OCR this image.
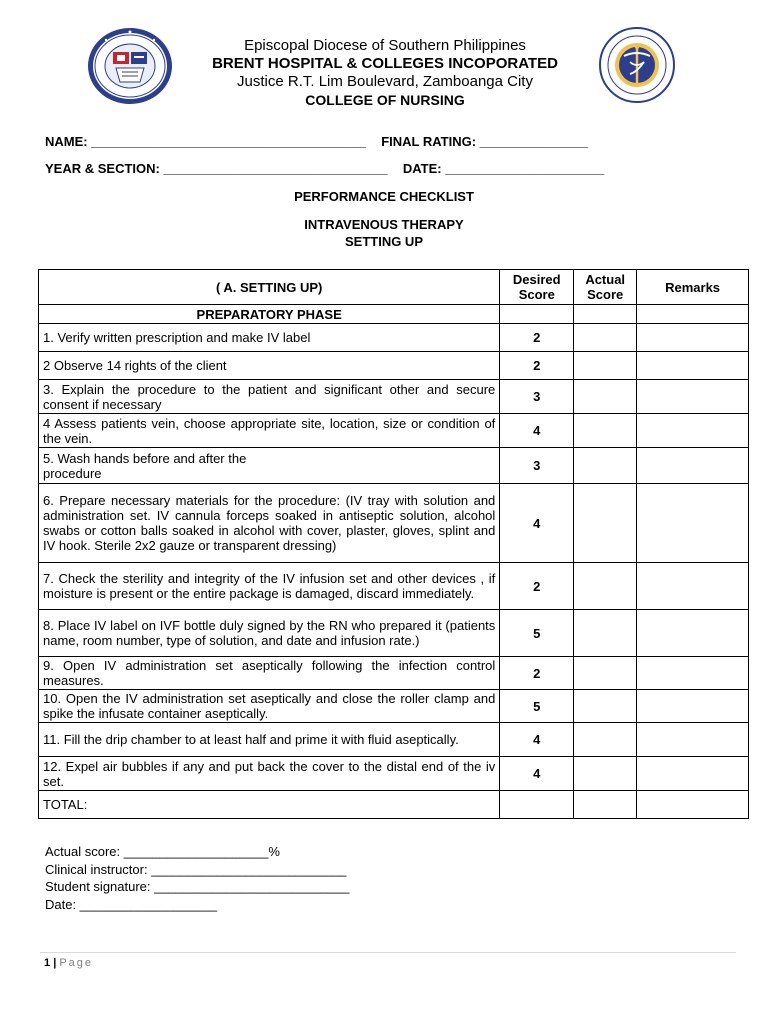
Episcopal Diocese of Southern Philippines
BRENT HOSPITAL & COLLEGES INCOPORATED
Justice R.T. Lim Boulevard, Zamboanga City
COLLEGE OF NURSING
NAME: ______________________________________ FINAL RATING: _______________
YEAR & SECTION: _______________________________ DATE: ______________________
PERFORMANCE CHECKLIST
INTRAVENOUS THERAPY
SETTING UP
( A. SETTING UP)	Desired Score	Actual Score	Remarks
PREPARATORY PHASE			
1. Verify written prescription and make IV label	2		
2 Observe 14 rights of the client	2		
3. Explain the procedure to the patient and significant other and secure consent if necessary	3		
4 Assess patients vein, choose appropriate site, location, size or condition of the vein.	4		
5. Wash hands before and after the procedure	3		
6. Prepare necessary materials for the procedure: (IV tray with solution and administration set. IV cannula forceps soaked in antiseptic solution, alcohol swabs or cotton balls soaked in alcohol with cover, plaster, gloves, splint and IV hook. Sterile 2x2 gauze or transparent dressing)	4		
7. Check the sterility and integrity of the IV infusion set and other devices , if moisture is present or the entire package is damaged, discard immediately.	2		
8. Place IV label on IVF bottle duly signed by the RN who prepared it (patients name, room number, type of solution, and date and infusion rate.)	5		
9. Open IV administration set aseptically following the infection control measures.	2		
10. Open the IV administration set aseptically and close the roller clamp and spike the infusate container aseptically.	5		
11. Fill the drip chamber to at least half and prime it with fluid aseptically.	4		
12. Expel air bubbles if any and put back the cover to the distal end of the iv set.	4		
TOTAL:			
Actual score: ____________________%
Clinical instructor: ___________________________
Student signature: ___________________________
Date: ___________________
1 | Page
